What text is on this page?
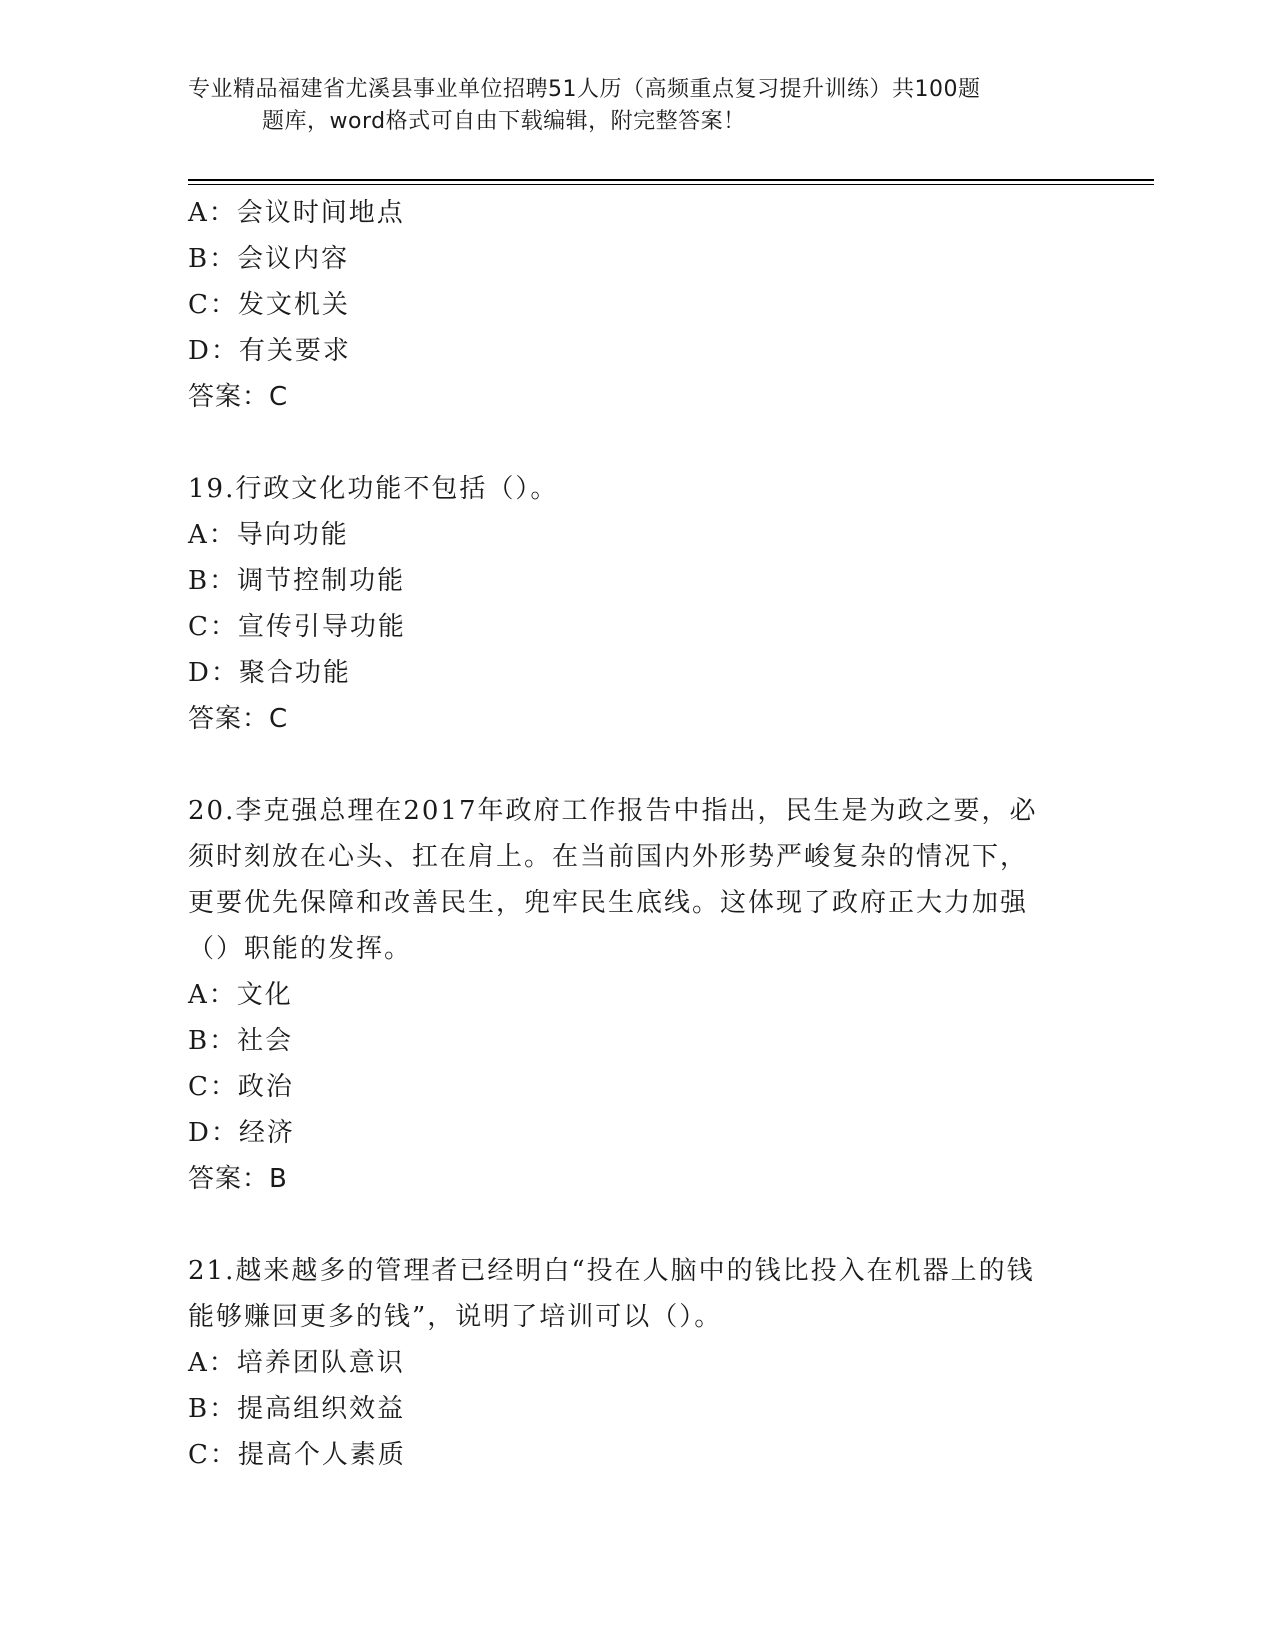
专业精品福建省尤溪县事业单位招聘51人历（高频重点复习提升训练）共100题
题库，word格式可自由下载编辑，附完整答案！
A：会议时间地点
B：会议内容
C：发文机关
D：有关要求
答案：C
19.行政文化功能不包括（）。
A：导向功能
B：调节控制功能
C：宣传引导功能
D：聚合功能
答案：C
20.李克强总理在2017年政府工作报告中指出，民生是为政之要，必
须时刻放在心头、扛在肩上。在当前国内外形势严峻复杂的情况下，
更要优先保障和改善民生，兜牢民生底线。这体现了政府正大力加强
（）职能的发挥。
A：文化
B：社会
C：政治
D：经济
答案：B
21.越来越多的管理者已经明白“投在人脑中的钱比投入在机器上的钱
能够赚回更多的钱”，说明了培训可以（）。
A：培养团队意识
B：提高组织效益
C：提高个人素质
